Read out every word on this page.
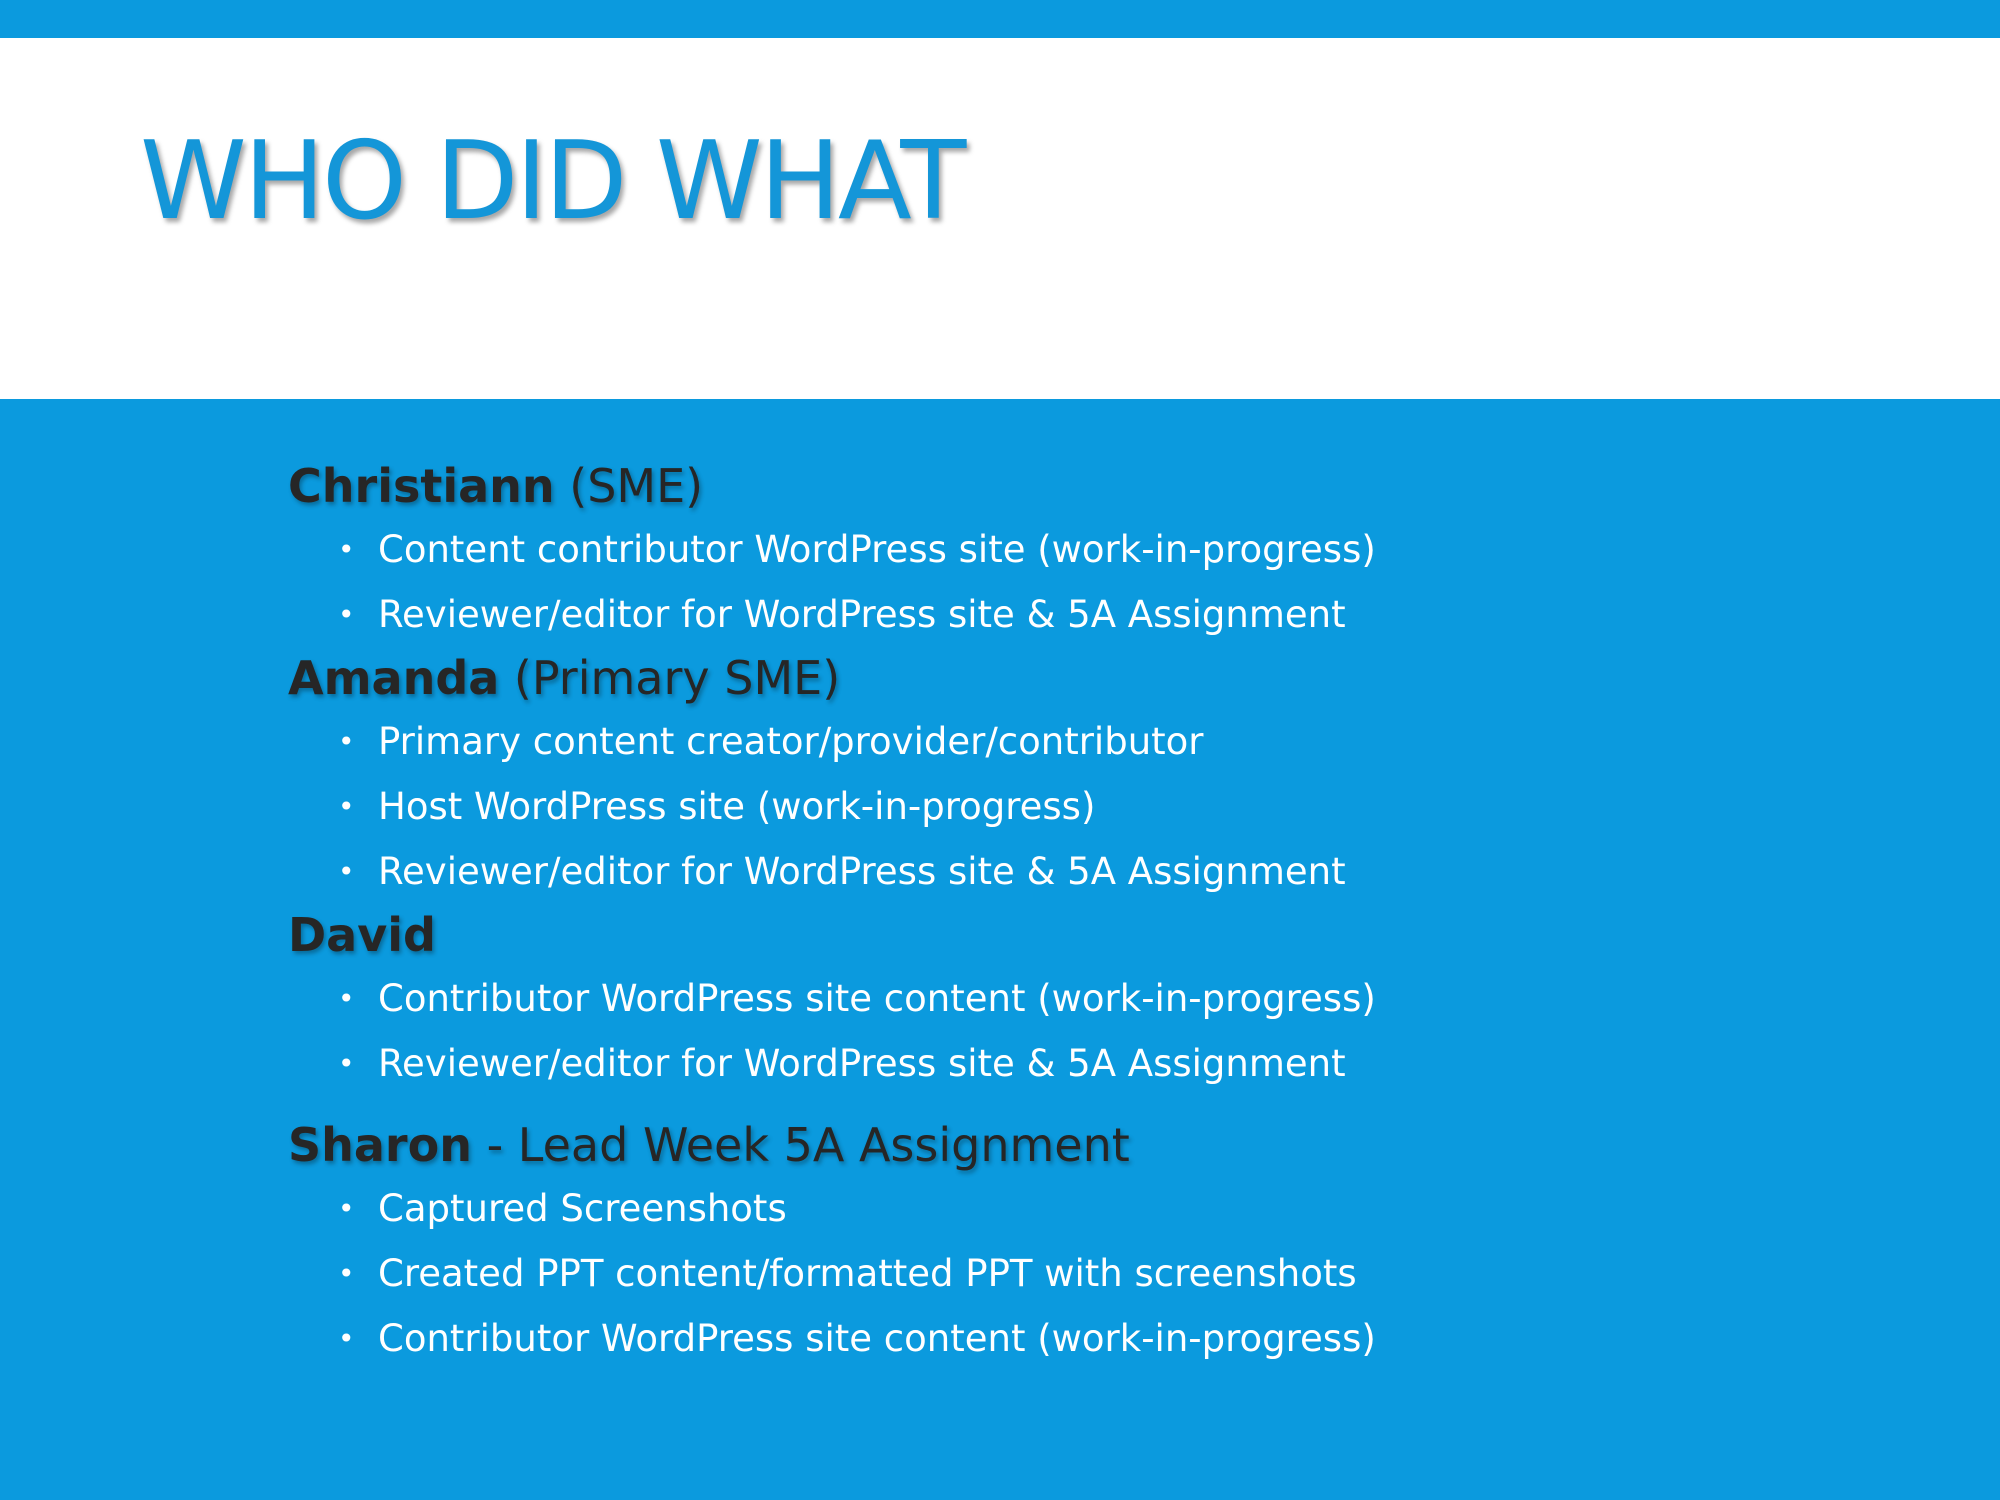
WHO DID WHAT
Christiann (SME)
• Content contributor WordPress site (work-in-progress)
• Reviewer/editor for WordPress site & 5A Assignment
Amanda (Primary SME)
• Primary content creator/provider/contributor
• Host WordPress site (work-in-progress)
• Reviewer/editor for WordPress site & 5A Assignment
David
• Contributor WordPress site content (work-in-progress)
• Reviewer/editor for WordPress site & 5A Assignment
Sharon - Lead Week 5A Assignment
• Captured Screenshots
• Created PPT content/formatted PPT with screenshots
• Contributor WordPress site content (work-in-progress)
